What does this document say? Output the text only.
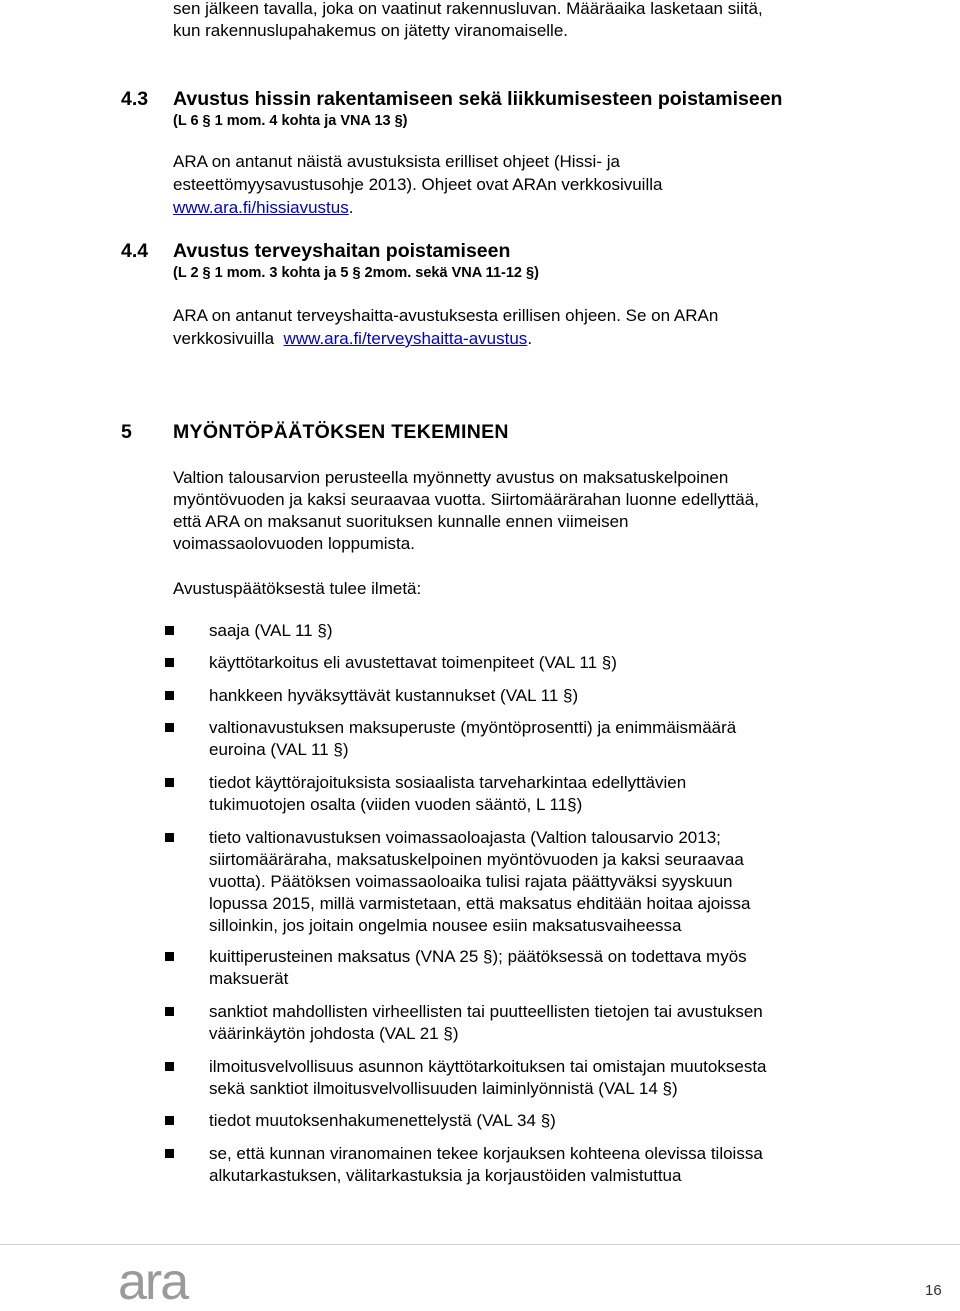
sen jälkeen tavalla, joka on vaatinut rakennusluvan. Määräaika lasketaan siitä,
kun rakennuslupahakemus on jätetty viranomaiselle.
4.3 Avustus hissin rakentamiseen sekä liikkumisesteen poistamiseen
(L 6 § 1 mom. 4 kohta ja VNA 13 §)
ARA on antanut näistä avustuksista erilliset ohjeet (Hissi- ja
esteettömyysavustusohje 2013). Ohjeet ovat ARAn verkkosivuilla
www.ara.fi/hissiavustus.
4.4 Avustus terveyshaitan poistamiseen
(L 2 § 1 mom. 3 kohta ja 5 § 2mom. sekä VNA 11-12 §)
ARA on antanut terveyshaitta-avustuksesta erillisen ohjeen. Se on ARAn
verkkosivuilla www.ara.fi/terveyshaitta-avustus.
5 MYÖNTÖPÄÄTÖKSEN TEKEMINEN
Valtion talousarvion perusteella myönnetty avustus on maksatuskelpoinen
myöntövuoden ja kaksi seuraavaa vuotta. Siirtomäärärahan luonne edellyttää,
että ARA on maksanut suorituksen kunnalle ennen viimeisen
voimassaolovuoden loppumista.
Avustuspäätöksestä tulee ilmetä:
saaja (VAL 11 §)
käyttötarkoitus eli avustettavat toimenpiteet (VAL 11 §)
hankkeen hyväksyttävät kustannukset (VAL 11 §)
valtionavustuksen maksuperuste (myöntöprosentti) ja enimmäismäärä
euroina (VAL 11 §)
tiedot käyttörajoituksista sosiaalista tarveharkintaa edellyttävien
tukimuotojen osalta (viiden vuoden sääntö, L 11§)
tieto valtionavustuksen voimassaoloajasta (Valtion talousarvio 2013;
siirtomääräraha, maksatuskelpoinen myöntövuoden ja kaksi seuraavaa
vuotta). Päätöksen voimassaoloaika tulisi rajata päättyväksi syyskuun
lopussa 2015, millä varmistetaan, että maksatus ehditään hoitaa ajoissa
silloinkin, jos joitain ongelmia nousee esiin maksatusvaiheessa
kuittiperusteinen maksatus (VNA 25 §); päätöksessä on todettava myös
maksuerät
sanktiot mahdollisten virheellisten tai puutteellisten tietojen tai avustuksen
väärinkäytön johdosta (VAL 21 §)
ilmoitusvelvollisuus asunnon käyttötarkoituksen tai omistajan muutoksesta
sekä sanktiot ilmoitusvelvollisuuden laiminlyönnistä (VAL 14 §)
tiedot muutoksenhakumenettelystä (VAL 34 §)
se, että kunnan viranomainen tekee korjauksen kohteena olevissa tiloissa
alkutarkastuksen, välitarkastuksia ja korjaustöiden valmistuttua
ara	16
